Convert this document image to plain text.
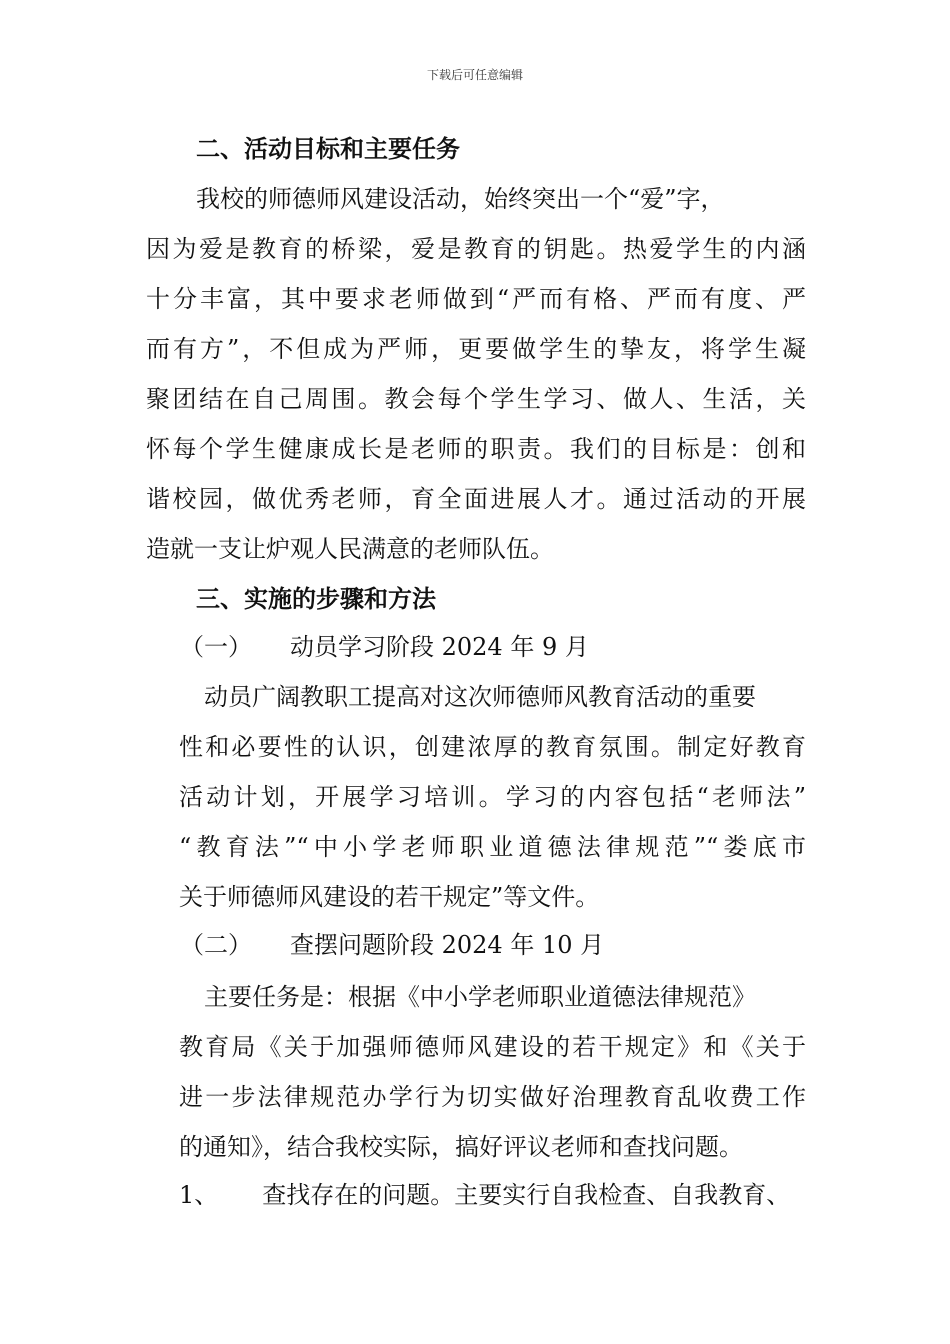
下载后可任意编辑
二、活动目标和主要任务
我校的师德师风建设活动，始终突出一个“爱”字，
因为爱是教育的桥梁，爱是教育的钥匙。热爱学生的内涵
十分丰富，其中要求老师做到“严而有格、严而有度、严
而有方”，不但成为严师，更要做学生的挚友，将学生凝
聚团结在自己周围。教会每个学生学习、做人、生活，关
怀每个学生健康成长是老师的职责。我们的目标是：创和
谐校园，做优秀老师，育全面进展人才。通过活动的开展
造就一支让炉观人民满意的老师队伍。
三、实施的步骤和方法
（一） 动员学习阶段 2024 年 9 月
动员广阔教职工提高对这次师德师风教育活动的重要
性和必要性的认识，创建浓厚的教育氛围。制定好教育
活动计划，开展学习培训。学习的内容包括“老师法”
“教育法”“中小学老师职业道德法律规范”“娄底市
关于师德师风建设的若干规定”等文件。
（二） 查摆问题阶段 2024 年 10 月
主要任务是：根据《中小学老师职业道德法律规范》
教育局《关于加强师德师风建设的若干规定》和《关于
进一步法律规范办学行为切实做好治理教育乱收费工作
的通知》，结合我校实际，搞好评议老师和查找问题。
1、 查找存在的问题。主要实行自我检查、自我教育、
